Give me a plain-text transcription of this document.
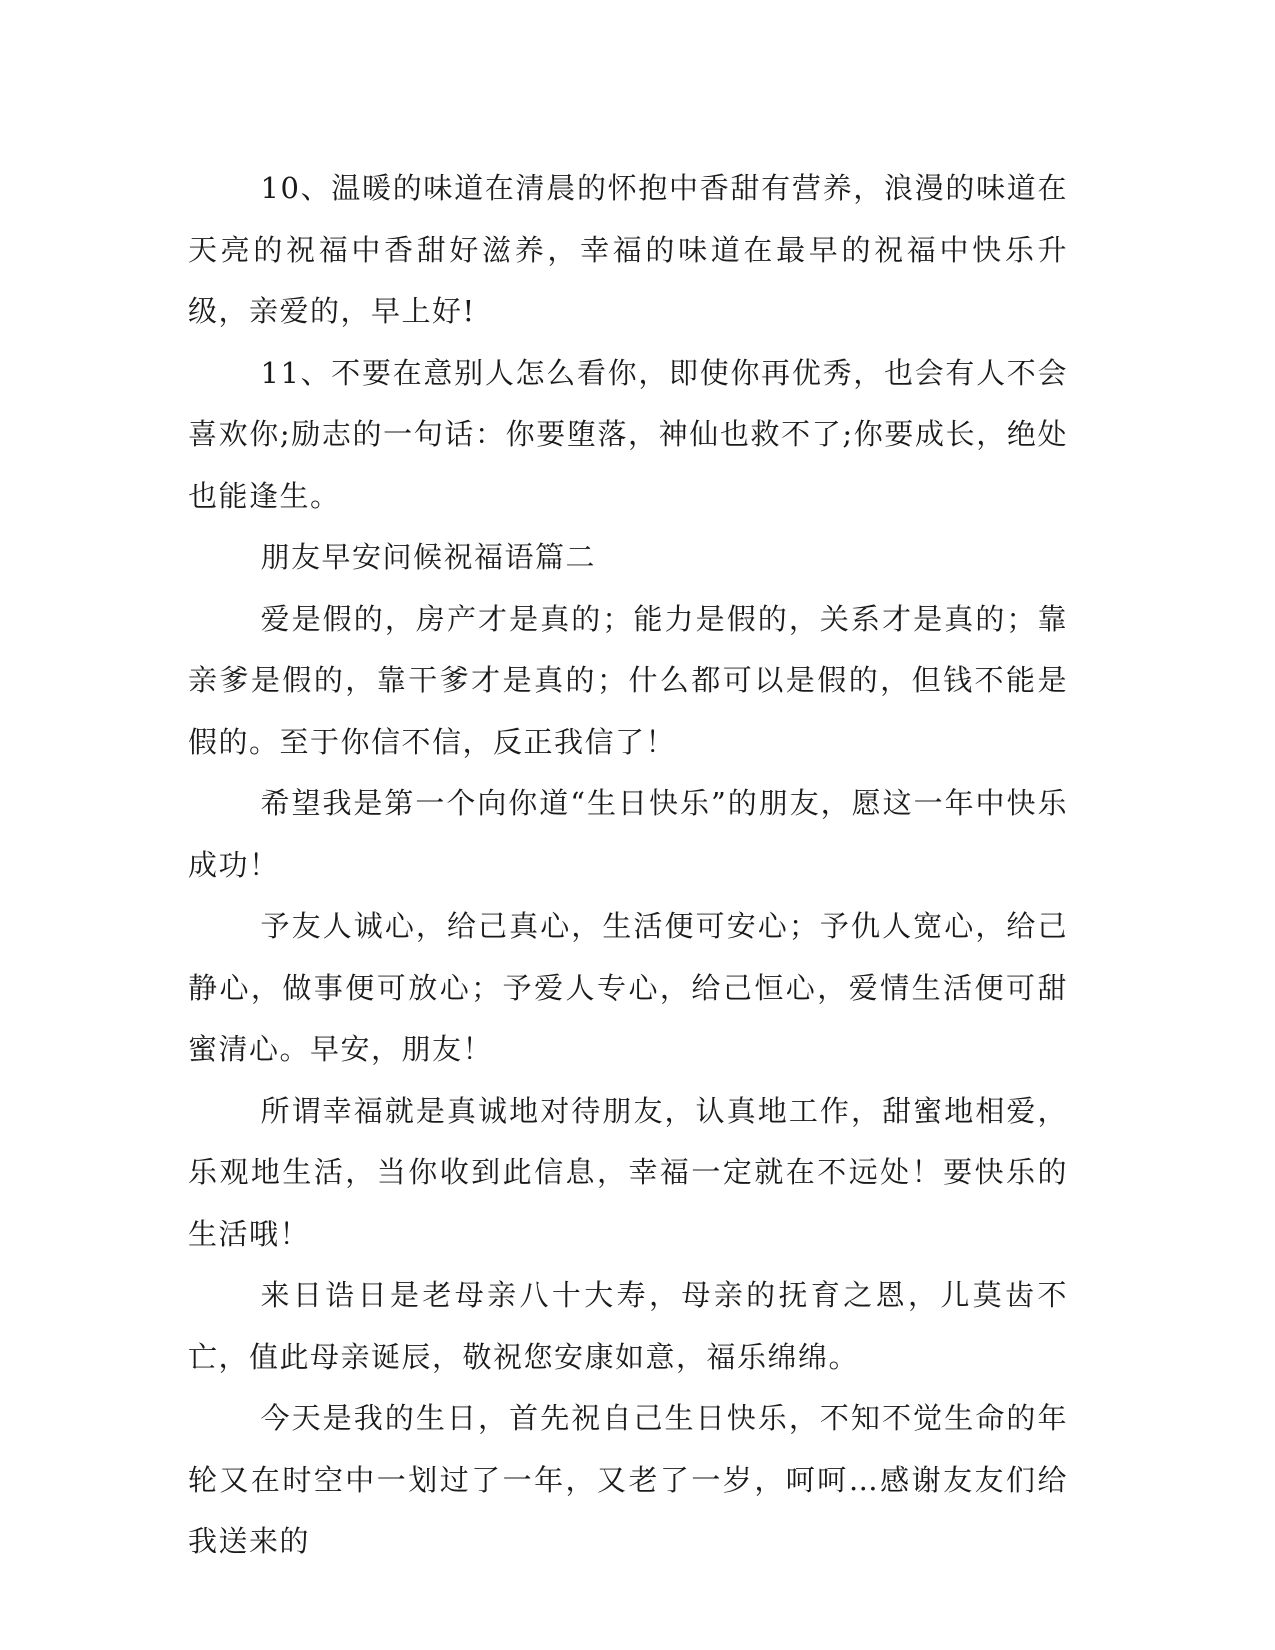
10、温暖的味道在清晨的怀抱中香甜有营养，浪漫的味道在天亮的祝福中香甜好滋养，幸福的味道在最早的祝福中快乐升级，亲爱的，早上好!

11、不要在意别人怎么看你，即使你再优秀，也会有人不会喜欢你;励志的一句话：你要堕落，神仙也救不了;你要成长，绝处也能逢生。

朋友早安问候祝福语篇二

爱是假的，房产才是真的；能力是假的，关系才是真的；靠亲爹是假的，靠干爹才是真的；什么都可以是假的，但钱不能是假的。至于你信不信，反正我信了！

希望我是第一个向你道“生日快乐”的朋友，愿这一年中快乐成功！

予友人诚心，给己真心，生活便可安心；予仇人宽心，给己静心，做事便可放心；予爱人专心，给己恒心，爱情生活便可甜蜜清心。早安，朋友！

所谓幸福就是真诚地对待朋友，认真地工作，甜蜜地相爱，乐观地生活，当你收到此信息，幸福一定就在不远处！要快乐的生活哦！

来日诰日是老母亲八十大寿，母亲的抚育之恩，儿莫齿不亡，值此母亲诞辰，敬祝您安康如意，福乐绵绵。

今天是我的生日，首先祝自己生日快乐，不知不觉生命的年轮又在时空中一划过了一年，又老了一岁，呵呵…感谢友友们给我送来的
